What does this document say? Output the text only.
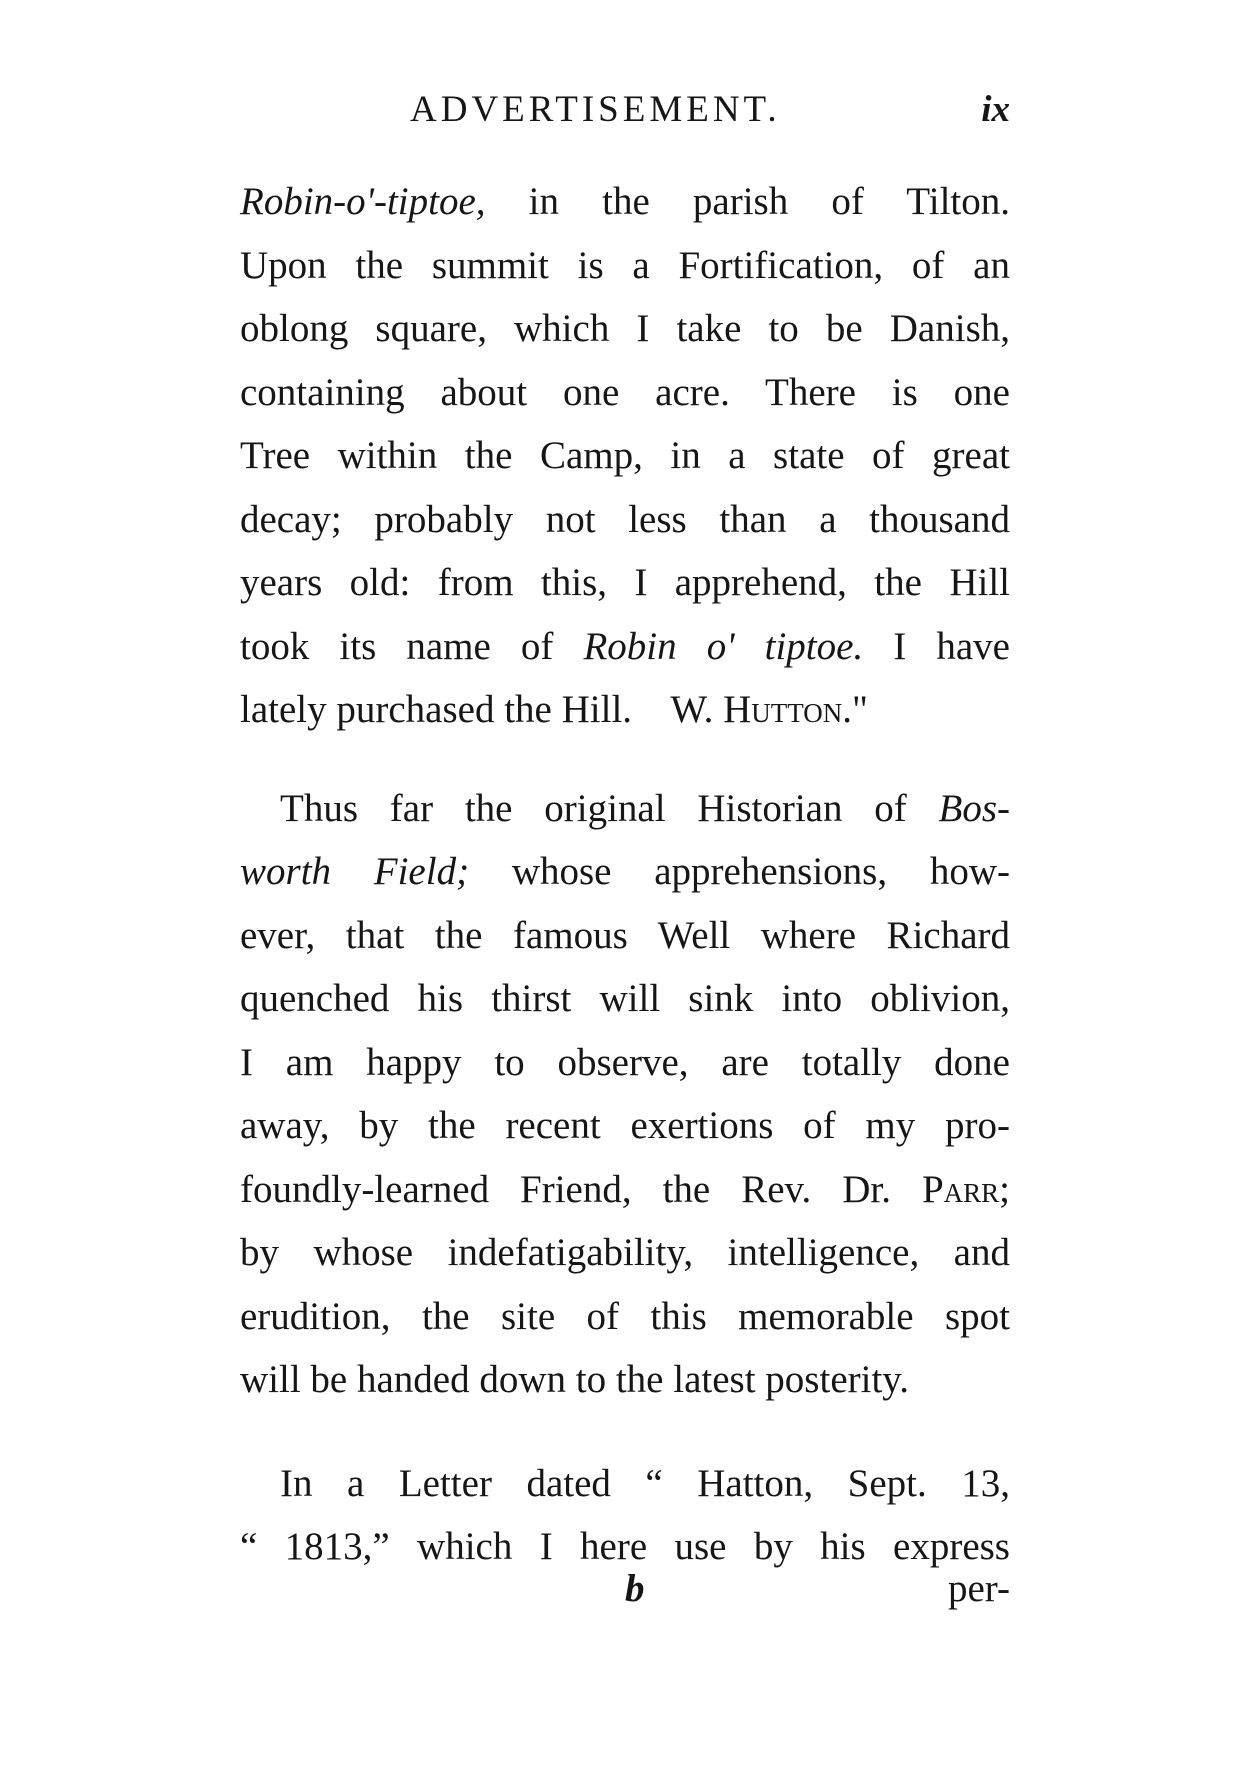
ADVERTISEMENT.	ix
Robin-o'-tiptoe, in the parish of Tilton.
Upon the summit is a Fortification, of an
oblong square, which I take to be Danish,
containing about one acre. There is one
Tree within the Camp, in a state of great
decay; probably not less than a thousand
years old: from this, I apprehend, the Hill
took its name of Robin o' tiptoe. I have
lately purchased the Hill.    W. Hutton."
Thus far the original Historian of Bos-
worth Field; whose apprehensions, how-
ever, that the famous Well where Richard
quenched his thirst will sink into oblivion,
I am happy to observe, are totally done
away, by the recent exertions of my pro-
foundly-learned Friend, the Rev. Dr. Parr;
by whose indefatigability, intelligence, and
erudition, the site of this memorable spot
will be handed down to the latest posterity.
In a Letter dated “ Hatton, Sept. 13,
“ 1813,” which I here use by his express
b	per-
